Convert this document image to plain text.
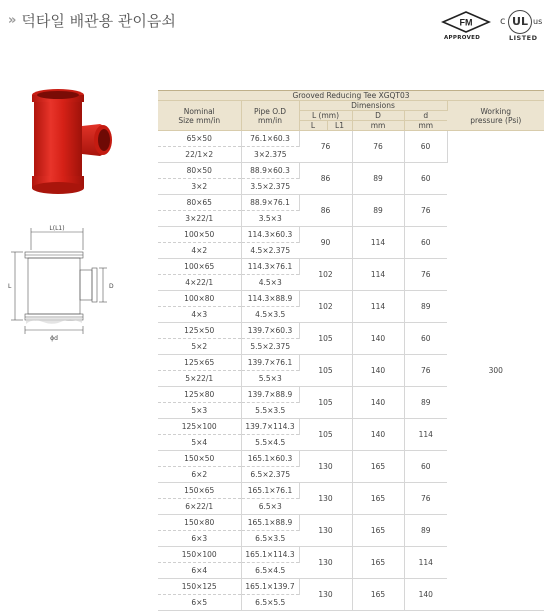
» 덕타일 배관용 관이음쇠	FM
APPROVED
c UL us
LISTED
L(L1)
L	D
ϕd
Grooved Reducing Tee XGQT03						
Nominal
Size mm/in	Pipe O.D
mm/in	Dimensions				Working
pressure (Psi)
		L (mm)		D	d	
		L	L1	mm	mm	
65×50	76.1×60.3	76		76	60	300
22/1×2	3×2.375					
80×50	88.9×60.3	86		89	60	
3×2	3.5×2.375					
80×65	88.9×76.1	86		89	76	
3×22/1	3.5×3					
100×50	114.3×60.3	90		114	60	
4×2	4.5×2.375					
100×65	114.3×76.1	102		114	76	
4×22/1	4.5×3					
100×80	114.3×88.9	102		114	89	
4×3	4.5×3.5					
125×50	139.7×60.3	105		140	60	
5×2	5.5×2.375					
125×65	139.7×76.1	105		140	76	
5×22/1	5.5×3					
125×80	139.7×88.9	105		140	89	
5×3	5.5×3.5					
125×100	139.7×114.3	105		140	114	
5×4	5.5×4.5					
150×50	165.1×60.3	130		165	60	
6×2	6.5×2.375					
150×65	165.1×76.1	130		165	76	
6×22/1	6.5×3					
150×80	165.1×88.9	130		165	89	
6×3	6.5×3.5					
150×100	165.1×114.3	130		165	114	
6×4	6.5×4.5					
150×125	165.1×139.7	130		165	140	
6×5	6.5×5.5					
